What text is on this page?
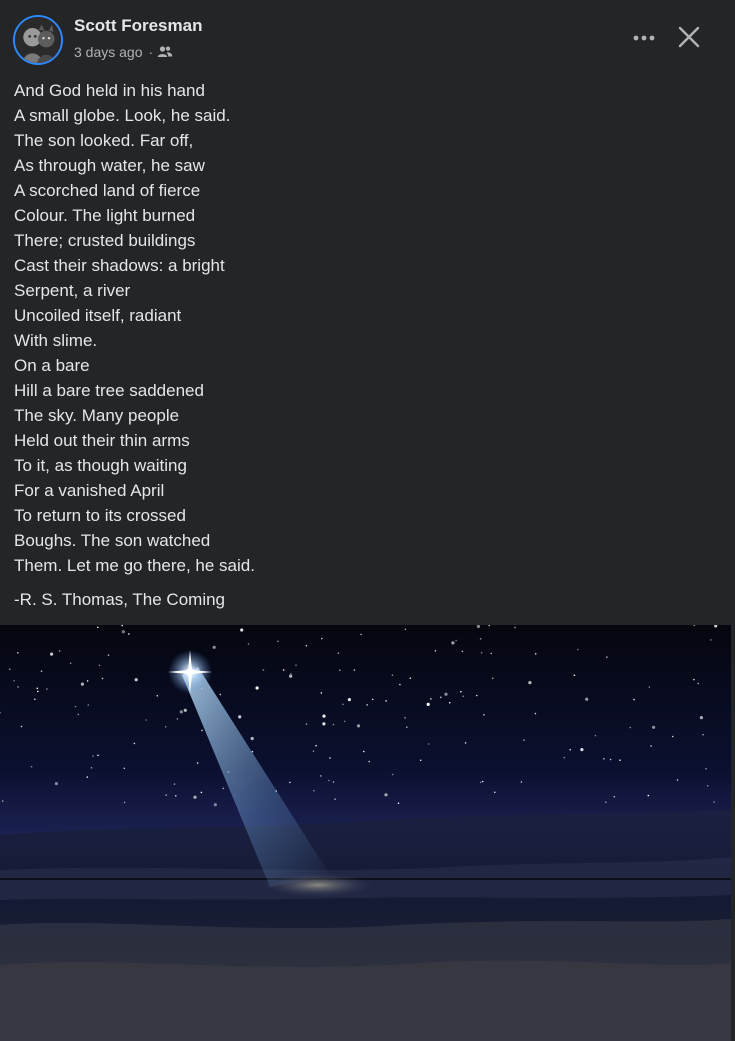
Scott Foresman
3 days ago ·
And God held in his hand
A small globe. Look, he said.
The son looked. Far off,
As through water, he saw
A scorched land of fierce
Colour. The light burned
There; crusted buildings
Cast their shadows: a bright
Serpent, a river
Uncoiled itself, radiant
With slime.
On a bare
Hill a bare tree saddened
The sky. Many people
Held out their thin arms
To it, as though waiting
For a vanished April
To return to its crossed
Boughs. The son watched
Them. Let me go there, he said.
-R. S. Thomas, The Coming
